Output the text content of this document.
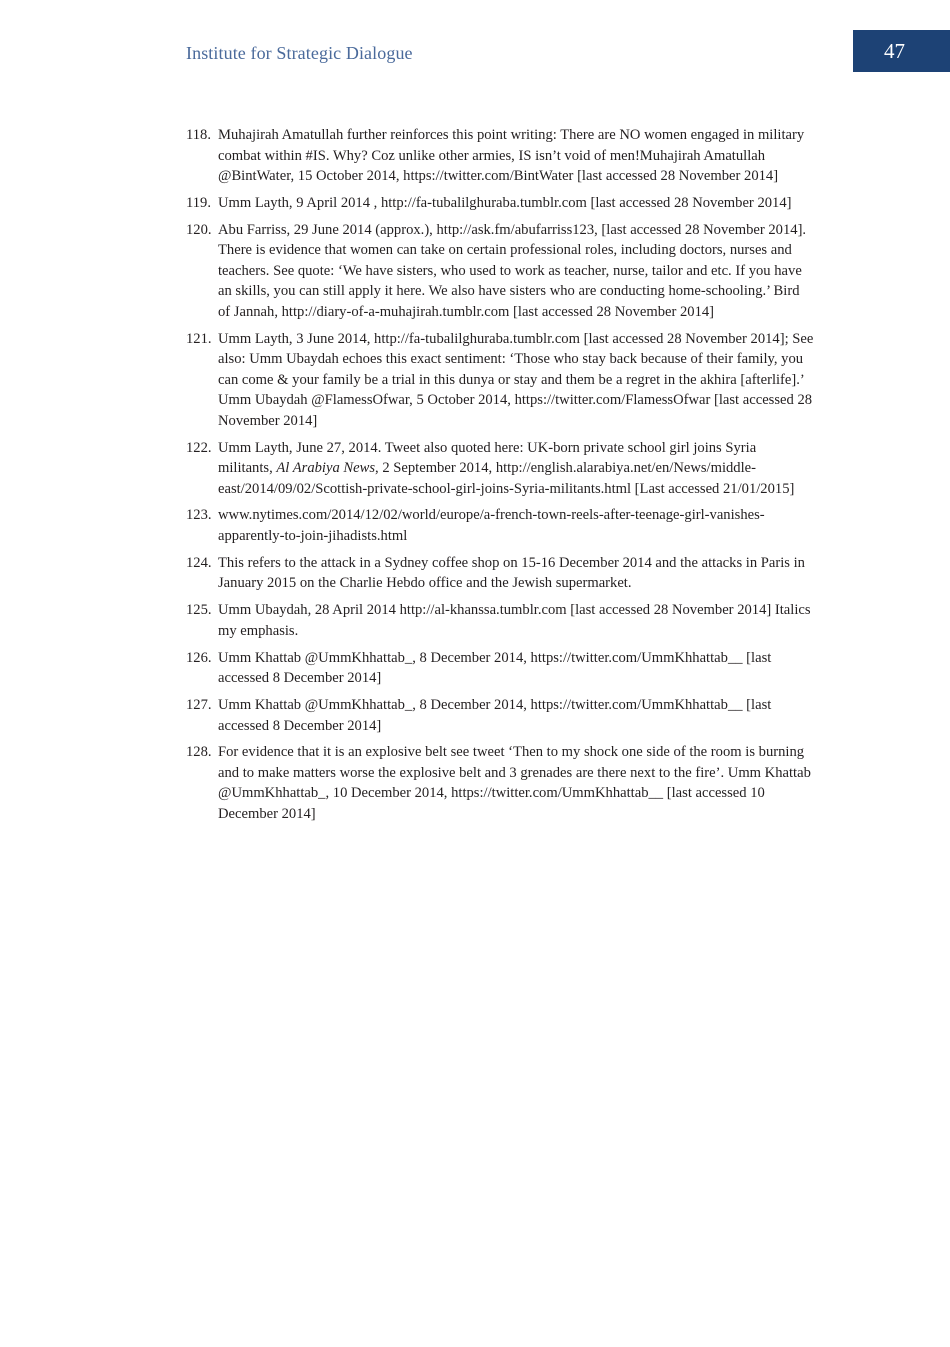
Institute for Strategic Dialogue	47
118. Muhajirah Amatullah further reinforces this point writing: There are NO women engaged in military combat within #IS. Why? Coz unlike other armies, IS isn’t void of men!Muhajirah Amatullah @BintWater, 15 October 2014, https://twitter.com/BintWater [last accessed 28 November 2014]
119. Umm Layth, 9 April 2014 , http://fa-tubalilghuraba.tumblr.com [last accessed 28 November 2014]
120. Abu Farriss, 29 June 2014 (approx.), http://ask.fm/abufarriss123, [last accessed 28 November 2014]. There is evidence that women can take on certain professional roles, including doctors, nurses and teachers. See quote: ‘We have sisters, who used to work as teacher, nurse, tailor and etc. If you have an skills, you can still apply it here. We also have sisters who are conducting home-schooling.’ Bird of Jannah, http://diary-of-a-muhajirah.tumblr.com [last accessed 28 November 2014]
121. Umm Layth, 3 June 2014, http://fa-tubalilghuraba.tumblr.com [last accessed 28 November 2014]; See also: Umm Ubaydah echoes this exact sentiment: ‘Those who stay back because of their family, you can come & your family be a trial in this dunya or stay and them be a regret in the akhira [afterlife].’ Umm Ubaydah @FlamessOfwar, 5 October 2014, https://twitter.com/FlamessOfwar [last accessed 28 November 2014]
122. Umm Layth, June 27, 2014. Tweet also quoted here: UK-born private school girl joins Syria militants, Al Arabiya News, 2 September 2014, http://english.alarabiya.net/en/News/middle-east/2014/09/02/Scottish-private-school-girl-joins-Syria-militants.html [Last accessed 21/01/2015]
123. www.nytimes.com/2014/12/02/world/europe/a-french-town-reels-after-teenage-girl-vanishes-apparently-to-join-jihadists.html
124. This refers to the attack in a Sydney coffee shop on 15-16 December 2014 and the attacks in Paris in January 2015 on the Charlie Hebdo office and the Jewish supermarket.
125. Umm Ubaydah, 28 April 2014 http://al-khanssa.tumblr.com [last accessed 28 November 2014] Italics my emphasis.
126. Umm Khattab @UmmKhhattab_, 8 December 2014, https://twitter.com/UmmKhhattab__ [last accessed 8 December 2014]
127. Umm Khattab @UmmKhhattab_, 8 December 2014, https://twitter.com/UmmKhhattab__ [last accessed 8 December 2014]
128. For evidence that it is an explosive belt see tweet ‘Then to my shock one side of the room is burning and to make matters worse the explosive belt and 3 grenades are there next to the fire’. Umm Khattab @UmmKhhattab_, 10 December 2014, https://twitter.com/UmmKhhattab__ [last accessed 10 December 2014]
